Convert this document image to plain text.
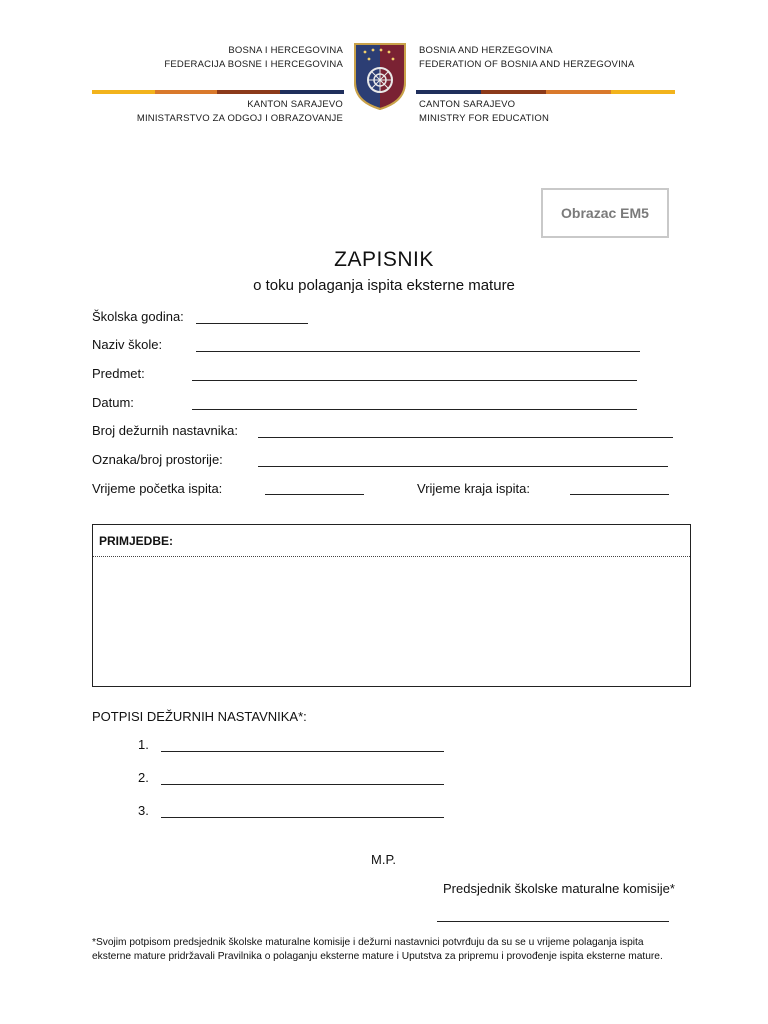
BOSNA I HERCEGOVINA
FEDERACIJA BOSNE I HERCEGOVINA
BOSNIA AND HERZEGOVINA
FEDERATION OF BOSNIA AND HERZEGOVINA
KANTON SARAJEVO
MINISTARSTVO ZA ODGOJ I OBRAZOVANJE
CANTON SARAJEVO
MINISTRY FOR EDUCATION
Obrazac EM5
ZAPISNIK
o toku polaganja ispita eksterne mature
Školska godina:
Naziv škole:
Predmet:
Datum:
Broj dežurnih nastavnika:
Oznaka/broj prostorije:
Vrijeme početka ispita:	Vrijeme kraja ispita:
PRIMJEDBE:
POTPISI DEŽURNIH NASTAVNIKA*:
1.
2.
3.
M.P.
Predsjednik školske maturalne komisije*
*Svojim potpisom predsjednik školske maturalne komisije i dežurni nastavnici potvrđuju da su se u vrijeme polaganja ispita eksterne mature pridržavali Pravilnika o polaganju eksterne mature i Uputstva za pripremu i provođenje ispita eksterne mature.
